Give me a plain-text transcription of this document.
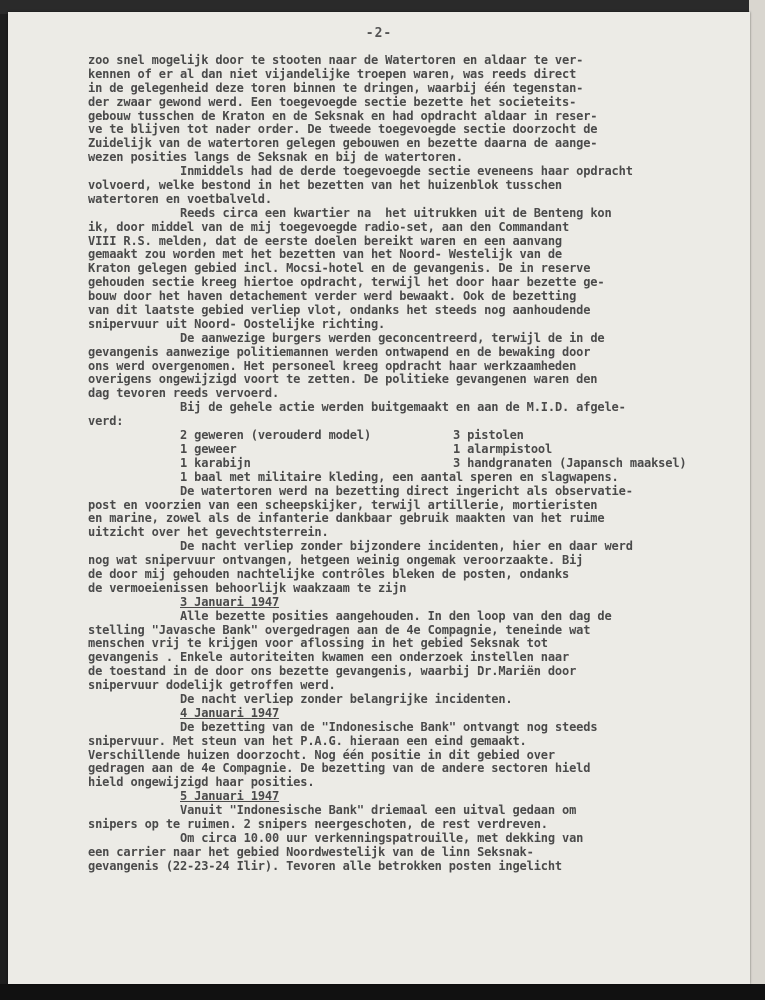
-2-
zoo snel mogelijk door te stooten naar de Watertoren en aldaar te ver-
kennen of er al dan niet vijandelijke troepen waren, was reeds direct
in de gelegenheid deze toren binnen te dringen, waarbij één tegenstan-
der zwaar gewond werd. Een toegevoegde sectie bezette het societeits-
gebouw tusschen de Kraton en de Seksnak en had opdracht aldaar in reser-
ve te blijven tot nader order. De tweede toegevoegde sectie doorzocht de
Zuidelijk van de watertoren gelegen gebouwen en bezette daarna de aange-
wezen posities langs de Seksnak en bij de watertoren.
Inmiddels had de derde toegevoegde sectie eveneens haar opdracht
volvoerd, welke bestond in het bezetten van het huizenblok tusschen
watertoren en voetbalveld.
Reeds circa een kwartier na  het uitrukken uit de Benteng kon
ik, door middel van de mij toegevoegde radio-set, aan den Commandant
VIII R.S. melden, dat de eerste doelen bereikt waren en een aanvang
gemaakt zou worden met het bezetten van het Noord- Westelijk van de
Kraton gelegen gebied incl. Mocsi-hotel en de gevangenis. De in reserve
gehouden sectie kreeg hiertoe opdracht, terwijl het door haar bezette ge-
bouw door het haven detachement verder werd bewaakt. Ook de bezetting
van dit laatste gebied verliep vlot, ondanks het steeds nog aanhoudende
snipervuur uit Noord- Oostelijke richting.
De aanwezige burgers werden geconcentreerd, terwijl de in de
gevangenis aanwezige politiemannen werden ontwapend en de bewaking door
ons werd overgenomen. Het personeel kreeg opdracht haar werkzaamheden
overigens ongewijzigd voort te zetten. De politieke gevangenen waren den
dag tevoren reeds vervoerd.
Bij de gehele actie werden buitgemaakt en aan de M.I.D. afgele-
verd:
2 geweren (verouderd model)	3 pistolen
1 geweer	1 alarmpistool
1 karabijn	3 handgranaten (Japansch maaksel)
1 baal met militaire kleding, een aantal speren en slagwapens.
De watertoren werd na bezetting direct ingericht als observatie-
post en voorzien van een scheepskijker, terwijl artillerie, mortieristen
en marine, zowel als de infanterie dankbaar gebruik maakten van het ruime
uitzicht over het gevechtsterrein.
De nacht verliep zonder bijzondere incidenten, hier en daar werd
nog wat snipervuur ontvangen, hetgeen weinig ongemak veroorzaakte. Bij
de door mij gehouden nachtelijke contrôles bleken de posten, ondanks
de vermoeienissen behoorlijk waakzaam te zijn
3 Januari 1947
Alle bezette posities aangehouden. In den loop van den dag de
stelling "Javasche Bank" overgedragen aan de 4e Compagnie, teneinde wat
menschen vrij te krijgen voor aflossing in het gebied Seksnak tot
gevangenis . Enkele autoriteiten kwamen een onderzoek instellen naar
de toestand in de door ons bezette gevangenis, waarbij Dr.Mariën door
snipervuur dodelijk getroffen werd.
De nacht verliep zonder belangrijke incidenten.
4 Januari 1947
De bezetting van de "Indonesische Bank" ontvangt nog steeds
snipervuur. Met steun van het P.A.G. hieraan een eind gemaakt.
Verschillende huizen doorzocht. Nog één positie in dit gebied over
gedragen aan de 4e Compagnie. De bezetting van de andere sectoren hield
hield ongewijzigd haar posities.
5 Januari 1947
Vanuit "Indonesische Bank" driemaal een uitval gedaan om
snipers op te ruimen. 2 snipers neergeschoten, de rest verdreven.
Om circa 10.00 uur verkenningspatrouille, met dekking van
een carrier naar het gebied Noordwestelijk van de linn Seksnak-
gevangenis (22-23-24 Ilir). Tevoren alle betrokken posten ingelicht
